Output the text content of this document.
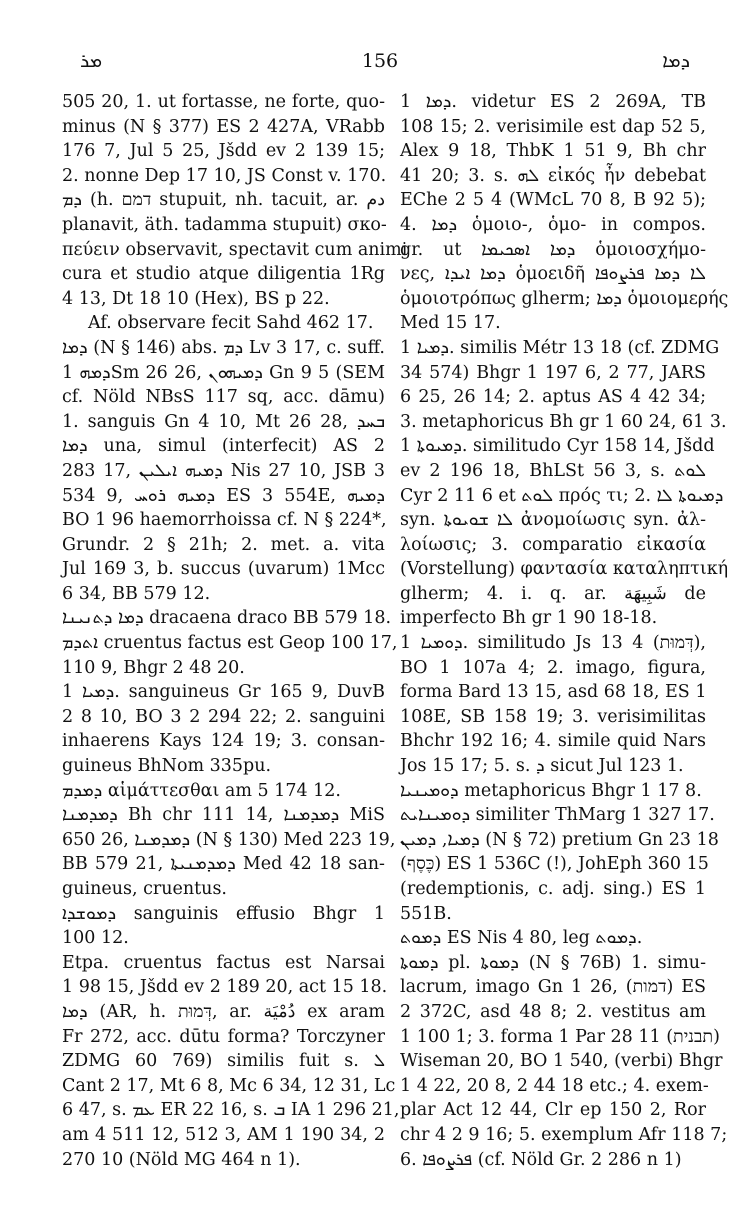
ܡܪ	156	ܕܡܐ
505 20, 1. ut fortasse, ne forte, quo-
minus (N § 377) ES 2 427A, VRabb
176 7, Jul 5 25, Jšdd ev 2 139 15;
2. nonne Dep 17 10, JS Const v. 170.
ܕܡ (h. דמם stupuit, nh. tacuit, ar. دم
planavit, äth. tadamma stupuit) σκο-
πεύειν observavit, spectavit cum animi
cura et studio atque diligentia 1Rg
4 13, Dt 18 10 (Hex), BS p 22.
Af. observare fecit Sahd 462 17.
ܕܡܐ (N § 146) abs. ܕܡ Lv 3 17, c. suff.
ܕܡܗ 1Sm 26 26, ܕܡܝܗܘܢ Gn 9 5 (SEM
cf. Nöld NBsS 117 sq, acc. dāmu)
1. sanguis Gn 4 10, Mt 26 28, ܒܚܕ
ܕܡܐ una, simul (interfecit) AS 2
283 17, ܕܡܝܗ ܐܝܠܝܢ Nis 27 10, JSB 3
534 9, ܕܡܝܗ ܪܘܚ ES 3 554E, ܕܡܝܗ
BO 1 96 haemorrhoissa cf. N § 224*,
Grundr. 2 § 21h; 2. met. a. vita
Jul 169 3, b. succus (uvarum) 1Mcc
6 34, BB 579 12.
ܕܡܐ ܕܬܢܝܢܐ dracaena draco BB 579 18.
ܐܬܕܡ cruentus factus est Geop 100 17,
110 9, Bhgr 2 48 20.
ܕܡܝܐ 1. sanguineus Gr 165 9, DuvB
2 8 10, BO 3 2 294 22; 2. sanguini
inhaerens Kays 124 19; 3. consan-
guineus BhNom 335pu.
ܕܡܕܡ αἱμάττεσθαι am 5 174 12.
ܕܡܕܡܢܐ Bh chr 111 14, ܕܡܕܡܢܐ MiS
650 26, ܕܡܕܡܢܐ (N § 130) Med 223 19,
BB 579 21, ܕܡܕܡܢܝܬܐ Med 42 18 san-
guineus, cruentus.
ܕܡܘܫܕܐ sanguinis effusio Bhgr 1
100 12.
Etpa. cruentus factus est Narsai
1 98 15, Jšdd ev 2 189 20, act 15 18.
ܕܡܐ (AR, h. דְּמוּת, ar. دُمْيَة ex aram
Fr 272, acc. dūtu forma? Torczyner
ZDMG 60 769) similis fuit s. ܠ
Cant 2 17, Mt 6 8, Mc 6 34, 12 31, Lc
6 47, s. ܥܡ ER 22 16, s. ܒ IA 1 296 21,
am 4 511 12, 512 3, AM 1 190 34, 2
270 10 (Nöld MG 464 n 1).
ܕܡܐ 1. videtur ES 2 269A, TB
108 15; 2. verisimile est dap 52 5,
Alex 9 18, ThbK 1 51 9, Bh chr
41 20; 3. s. ܠܗ εἰκός ἦν debebat
EChe 2 5 4 (WMcL 70 8, B 92 5);
4. ܕܡܐ ὁμοιο-, ὁμο- in compos.
gr. ut ܕܡܐ ܐܣܟܝܡܐ ὁμοιοσχήμο-
νες, ܕܡܐ ܐܝܕܐ ὁμοειδῆ ܠܐ ܕܡܐ ܦܪܨܘܦܐ
ὁμοιοτρόπως glherm; ܕܡܐ ὁμοιομερής
Med 15 17.
ܕܡܝܐ 1. similis Métr 13 18 (cf. ZDMG
34 574) Bhgr 1 197 6, 2 77, JARS
6 25, 26 14; 2. aptus AS 4 42 34;
3. metaphoricus Bh gr 1 60 24, 61 3.
ܕܡܝܘܬܐ 1. similitudo Cyr 158 14, Jšdd
ev 2 196 18, BhLSt 56 3, s. ܠܘܬ
Cyr 2 11 6 et ܠܘܬ πρός τι; 2. ܕܡܝܘܬܐ ܠܐ
syn. ܠܐ ܫܘܝܘܬܐ ἀνομοίωσις syn. ἀλ-
λοίωσις; 3. comparatio εἰκασία
(Vorstellung) φαντασία καταληπτική
glherm; 4. i. q. ar. شَبِيهَة de
imperfecto Bh gr 1 90 18-18.
ܕܘܡܝܐ 1. similitudo Js 13 4 (דְּמוּת),
BO 1 107a 4; 2. imago, figura,
forma Bard 13 15, asd 68 18, ES 1
108E, SB 158 19; 3. verisimilitas
Bhchr 192 16; 4. simile quid Nars
Jos 15 17; 5. s. ܕ sicut Jul 123 1.
ܕܘܡܝܢܝܐ metaphoricus Bhgr 1 17 8.
ܕܘܡܝܢܐܝܬ similiter ThMarg 1 327 17.
ܕܡܝܐ, ܕܡܝܢ (N § 72) pretium Gn 23 18
(כֶּסֶף) ES 1 536C (!), JohEph 360 15
(redemptionis, c. adj. sing.) ES 1
551B.
ܕܡܘܬ ES Nis 4 80, leg ܕܡܘܬ.
ܕܡܘܬܐ pl. ܕܡܘܬܐ (N § 76B) 1. simu-
lacrum, imago Gn 1 26, (דמות) ES
2 372C, asd 48 8; 2. vestitus am
1 100 1; 3. forma 1 Par 28 11 (תבנית)
Wiseman 20, BO 1 540, (verbi) Bhgr
1 4 22, 20 8, 2 44 18 etc.; 4. exem-
plar Act 12 44, Clr ep 150 2, Ror
chr 4 2 9 16; 5. exemplum Afr 118 7;
6. ܦܪܨܘܦܐ (cf. Nöld Gr. 2 286 n 1)
